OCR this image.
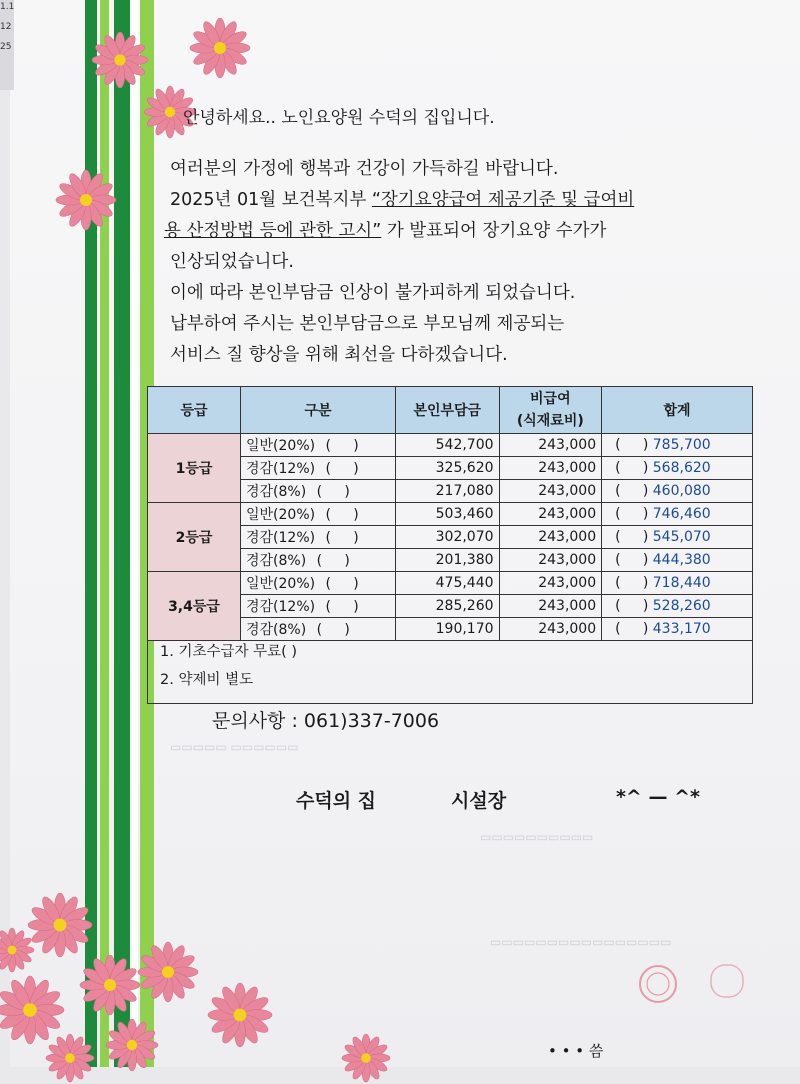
1.1
12
25
▭▭▭▭▭ ▭▭▭▭▭▭
▭▭▭▭▭▭▭▭▭▭
▭▭▭▭▭▭▭▭▭▭▭▭▭▭▭▭
안녕하세요.. 노인요양원 수덕의 집입니다.
여러분의 가정에 행복과 건강이 가득하길 바랍니다.
2025년 01월 보건복지부 “장기요양급여 제공기준 및 급여비
용 산정방법 등에 관한 고시” 가 발표되어 장기요양 수가가
인상되었습니다.
이에 따라 본인부담금 인상이 불가피하게 되었습니다.
납부하여 주시는 본인부담금으로 부모님께 제공되는
서비스 질 향상을 위해 최선을 다하겠습니다.
등급	구분	본인부담금	비급여
(식재료비)	합계
1등급	일반(20%) (     )	542,700	243,000	(     ) 785,700
	경감(12%) (     )	325,620	243,000	(     ) 568,620
	경감(8%) (     )	217,080	243,000	(     ) 460,080
2등급	일반(20%) (     )	503,460	243,000	(     ) 746,460
	경감(12%) (     )	302,070	243,000	(     ) 545,070
	경감(8%) (     )	201,380	243,000	(     ) 444,380
3,4등급	일반(20%) (     )	475,440	243,000	(     ) 718,440
	경감(12%) (     )	285,260	243,000	(     ) 528,260
	경감(8%) (     )	190,170	243,000	(     ) 433,170
1. 기초수급자 무료( )
2. 약제비 별도
문의사항 : 061)337-7006
수덕의 집	시설장	*^ — ^*
• • • 씀
